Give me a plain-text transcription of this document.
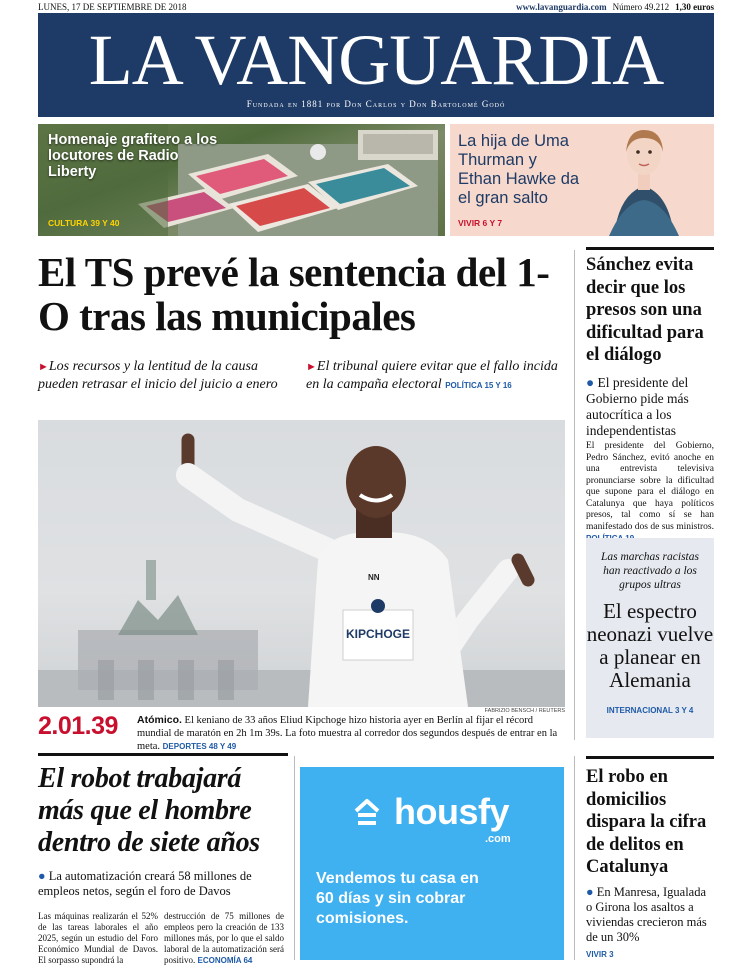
LUNES, 17 DE SEPTIEMBRE DE 2018	www.lavanguardia.com Número 49.212 1,30 euros
LA VANGUARDIA
Fundada en 1881 por Don Carlos y Don Bartolomé Godó
Homenaje grafitero a los locutores de Radio Liberty
CULTURA 39 Y 40
La hija de Uma Thurman y Ethan Hawke da el gran salto
VIVIR 6 Y 7
El TS prevé la sentencia del 1-O tras las municipales
►Los recursos y la lentitud de la causa pueden retrasar el inicio del juicio a enero
►El tribunal quiere evitar que el fallo incida en la campaña electoral POLÍTICA 15 Y 16
KIPCHOGE
NN
FABRIZIO BENSCH / REUTERS
2.01.39 Atómico. El keniano de 33 años Eliud Kipchoge hizo historia ayer en Berlín al fijar el récord mundial de maratón en 2h 1m 39s. La foto muestra al corredor dos segundos después de entrar en la meta. DEPORTES 48 Y 49
Sánchez evita decir que los presos son una dificultad para el diálogo
● El presidente del Gobierno pide más autocrítica a los independentistas
El presidente del Gobierno, Pedro Sánchez, evitó anoche en una entrevista televisiva pronunciarse sobre la dificultad que supone para el diálogo en Catalunya que haya políticos presos, tal como sí se han manifestado dos de sus ministros.
Las marchas racistas han reactivado a los grupos ultras
El espectro neonazi vuelve a planear en Alemania
INTERNACIONAL 3 Y 4
El robot trabajará más que el hombre dentro de siete años
● La automatización creará 58 millones de empleos netos, según el foro de Davos
Las máquinas realizarán el 52% de las tareas laborales el año 2025, según un estudio del Foro Económico Mundial de Davos. El sorpasso supondrá la
destrucción de 75 millones de empleos pero la creación de 133 millones más, por lo que el saldo laboral de la automatización será positivo. ECONOMÍA 64
housfy
.com
Vendemos tu casa en 60 días y sin cobrar comisiones.
El robo en domicilios dispara la cifra de delitos en Catalunya
● En Manresa, Igualada o Girona los asaltos a viviendas crecieron más de un 30%
VIVIR 3
